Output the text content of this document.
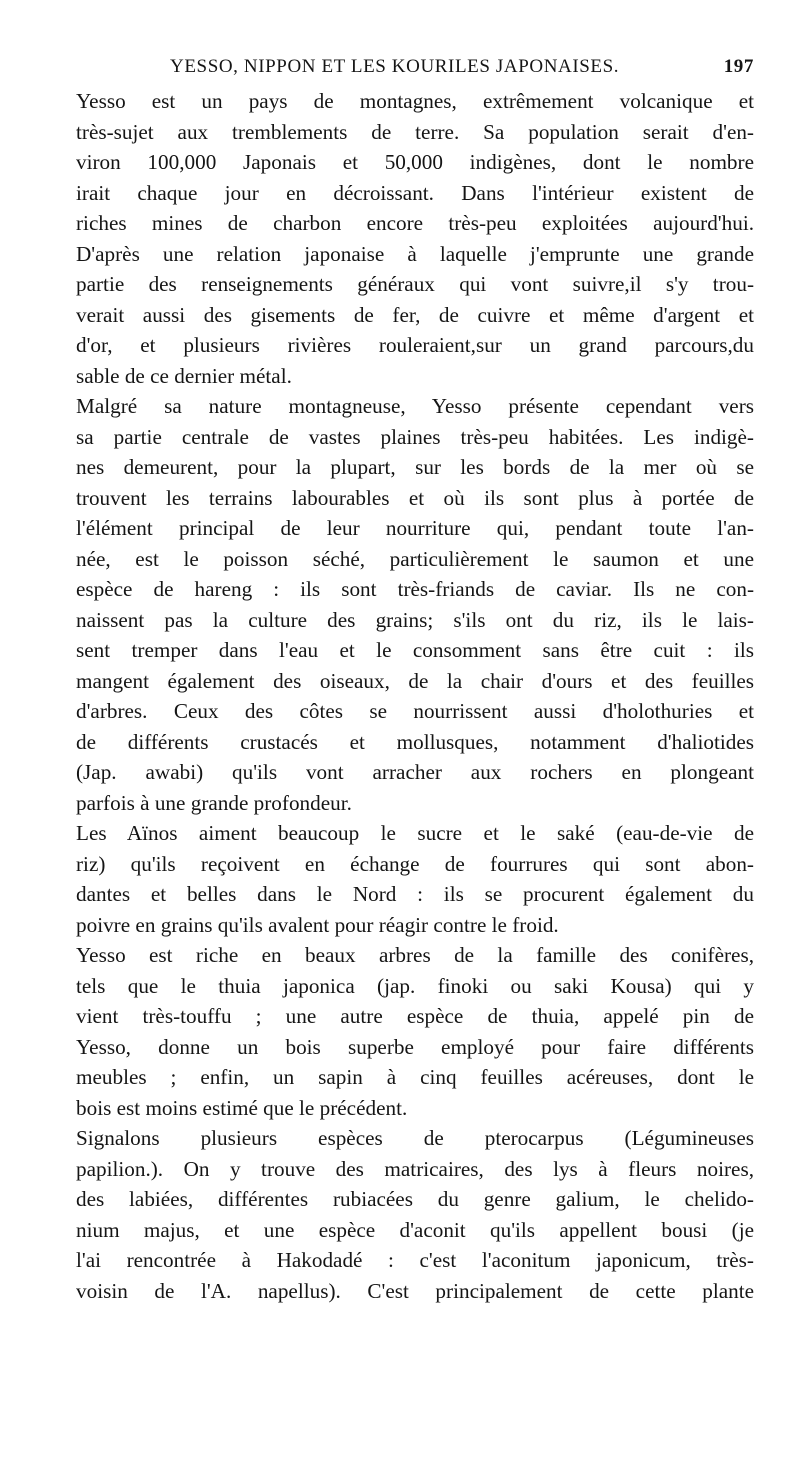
YESSO, NIPPON ET LES KOURILES JAPONAISES.	197

Yesso est un pays de montagnes, extrêmement volcanique et
très-sujet aux tremblements de terre. Sa population serait d'en-
viron 100,000 Japonais et 50,000 indigènes, dont le nombre
irait chaque jour en décroissant. Dans l'intérieur existent de
riches mines de charbon encore très-peu exploitées aujourd'hui.
D'après une relation japonaise à laquelle j'emprunte une grande
partie des renseignements généraux qui vont suivre,il s'y trou-
verait aussi des gisements de fer, de cuivre et même d'argent et
d'or, et plusieurs rivières rouleraient,sur un grand parcours,du
sable de ce dernier métal.

Malgré sa nature montagneuse, Yesso présente cependant vers
sa partie centrale de vastes plaines très-peu habitées. Les indigè-
nes demeurent, pour la plupart, sur les bords de la mer où se
trouvent les terrains labourables et où ils sont plus à portée de
l'élément principal de leur nourriture qui, pendant toute l'an-
née, est le poisson séché, particulièrement le saumon et une
espèce de hareng : ils sont très-friands de caviar. Ils ne con-
naissent pas la culture des grains; s'ils ont du riz, ils le lais-
sent tremper dans l'eau et le consomment sans être cuit : ils
mangent également des oiseaux, de la chair d'ours et des feuilles
d'arbres. Ceux des côtes se nourrissent aussi d'holothuries et
de différents crustacés et mollusques, notamment d'haliotides
(Jap. awabi) qu'ils vont arracher aux rochers en plongeant
parfois à une grande profondeur.

Les Aïnos aiment beaucoup le sucre et le saké (eau-de-vie de
riz) qu'ils reçoivent en échange de fourrures qui sont abon-
dantes et belles dans le Nord : ils se procurent également du
poivre en grains qu'ils avalent pour réagir contre le froid.

Yesso est riche en beaux arbres de la famille des conifères,
tels que le thuia japonica (jap. finoki ou saki Kousa) qui y
vient très-touffu ; une autre espèce de thuia, appelé pin de
Yesso, donne un bois superbe employé pour faire différents
meubles ; enfin, un sapin à cinq feuilles acéreuses, dont le
bois est moins estimé que le précédent.

Signalons plusieurs espèces de pterocarpus (Légumineuses
papilion.). On y trouve des matricaires, des lys à fleurs noires,
des labiées, différentes rubiacées du genre galium, le chelido-
nium majus, et une espèce d'aconit qu'ils appellent bousi (je
l'ai rencontrée à Hakodadé : c'est l'aconitum japonicum, très-
voisin de l'A. napellus). C'est principalement de cette plante
